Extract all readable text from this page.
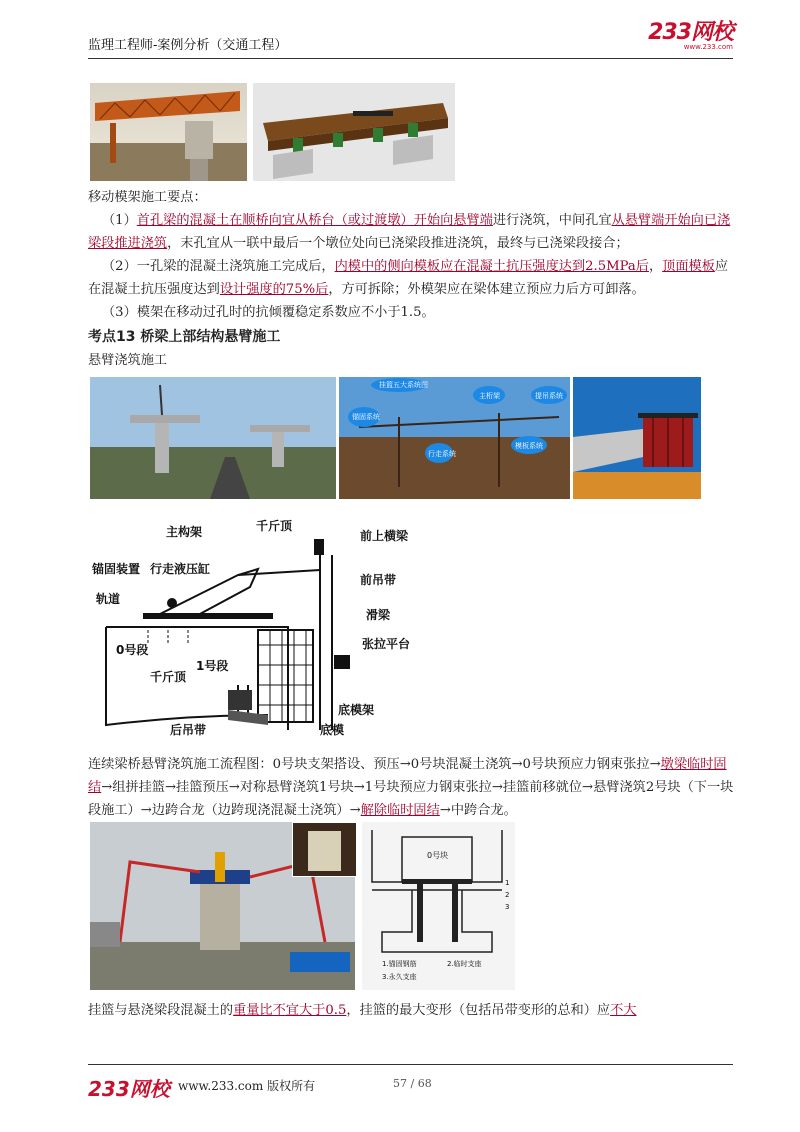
监理工程师-案例分析（交通工程）
233网校
www.233.com
移动模架施工要点：
（1）首孔梁的混凝土在顺桥向宜从桥台（或过渡墩）开始向悬臂端进行浇筑，中间孔宜从悬臂端开始向已浇梁段推进浇筑，末孔宜从一联中最后一个墩位处向已浇梁段推进浇筑，最终与已浇梁段接合；
（2）一孔梁的混凝土浇筑施工完成后，内模中的侧向模板应在混凝土抗压强度达到2.5MPa后，顶面模板应在混凝土抗压强度达到设计强度的75%后，方可拆除；外模架应在梁体建立预应力后方可卸落。
（3）模架在移动过孔时的抗倾覆稳定系数应不小于1.5。
考点13 桥梁上部结构悬臂施工
悬臂浇筑施工
挂篮五大系统图
主桁架	提吊系统
锚固系统
行走系统
模板系统
主构架	千斤顶
前上横梁
锚固装置 行走液压缸
前吊带
轨道
滑梁
0号段	张拉平台
1号段
千斤顶
后吊带
底模架
底模
连续梁桥悬臂浇筑施工流程图：0号块支架搭设、预压→0号块混凝土浇筑→0号块预应力钢束张拉→墩梁临时固结→组拼挂篮→挂篮预压→对称悬臂浇筑1号块→1号块预应力钢束张拉→挂篮前移就位→悬臂浇筑2号块（下一块段施工）→边跨合龙（边跨现浇混凝土浇筑）→解除临时固结→中跨合龙。
0号块
1
2
3
1.锚固钢筋	2.临时支座
3.永久支座
挂篮与悬浇梁段混凝土的重量比不宜大于0.5，挂篮的最大变形（包括吊带变形的总和）应不大
233网校 www.233.com 版权所有	57 / 68
